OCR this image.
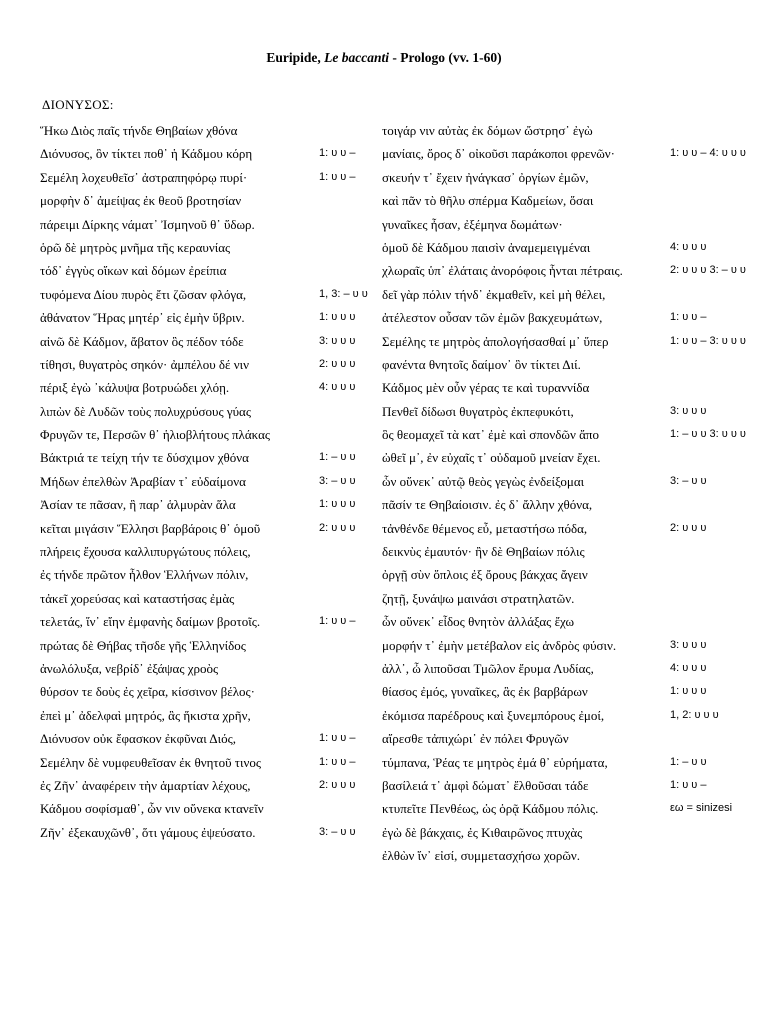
Euripide, Le baccanti - Prologo (vv. 1-60)
ΔΙΟΝΥΣΟΣ:
Ἥκω Διὸς παῖς τήνδε Θηβαίων χθόνα
Διόνυσος, ὃν τίκτει ποθ᾽ ἡ Κάδμου κόρη	1: υ υ –
Σεμέλη λοχευθεῖσ᾽ ἀστραπηφόρῳ πυρί·	1: υ υ –
μορφὴν δ᾽ ἀμείψας ἐκ θεοῦ βροτησίαν
πάρειμι Δίρκης νάματ᾽ Ἰσμηνοῦ θ᾽ ὕδωρ.
ὁρῶ δὲ μητρὸς μνῆμα τῆς κεραυνίας
τόδ᾽ ἐγγὺς οἴκων καὶ δόμων ἐρείπια
τυφόμενα Δίου πυρὸς ἔτι ζῶσαν φλόγα,	1, 3: – υ υ
ἀθάνατον Ἥρας μητέρ᾽ εἰς ἐμὴν ὕβριν.	1: υ υ υ
αἰνῶ δὲ Κάδμον, ἄβατον ὃς πέδον τόδε	3: υ υ υ
τίθησι, θυγατρὸς σηκόν· ἀμπέλου δέ νιν	2: υ υ υ
πέριξ ἐγὼ ᾽κάλυψα βοτρυώδει χλόῃ.	4: υ υ υ
λιπὼν δὲ Λυδῶν τοὺς πολυχρύσους γύας
Φρυγῶν τε, Περσῶν θ᾽ ἡλιοβλήτους πλάκας
Βάκτριά τε τείχη τήν τε δύσχιμον χθόνα	1: – υ υ
Μήδων ἐπελθὼν Ἀραβίαν τ᾽ εὐδαίμονα	3: – υ υ
Ἀσίαν τε πᾶσαν, ἣ παρ᾽ ἁλμυρὰν ἅλα	1: υ υ υ
κεῖται μιγάσιν Ἕλλησι βαρβάροις θ᾽ ὁμοῦ	2: υ υ υ
πλήρεις ἔχουσα καλλιπυργώτους πόλεις,
ἐς τήνδε πρῶτον ἦλθον Ἑλλήνων πόλιν,
τἀκεῖ χορεύσας καὶ καταστήσας ἐμὰς
τελετάς, ἵν᾽ εἴην ἐμφανὴς δαίμων βροτοῖς.	1: υ υ –
πρώτας δὲ Θήβας τῆσδε γῆς Ἑλληνίδος
ἀνωλόλυξα, νεβρίδ᾽ ἐξάψας χροὸς
θύρσον τε δοὺς ἐς χεῖρα, κίσσινον βέλος·
ἐπεὶ μ᾽ ἀδελφαὶ μητρός, ἃς ἥκιστα χρῆν,
Διόνυσον οὐκ ἔφασκον ἐκφῦναι Διός,	1: υ υ –
Σεμέλην δὲ νυμφευθεῖσαν ἐκ θνητοῦ τινος	1: υ υ –
ἐς Ζῆν᾽ ἀναφέρειν τὴν ἁμαρτίαν λέχους,	2: υ υ υ
Κάδμου σοφίσμαθ᾽, ὧν νιν οὕνεκα κτανεῖν
Ζῆν᾽ ἐξεκαυχῶνθ᾽, ὅτι γάμους ἐψεύσατο.	3: – υ υ
τοιγάρ νιν αὐτὰς ἐκ δόμων ὤστρησ᾽ ἐγὼ
μανίαις, ὄρος δ᾽ οἰκοῦσι παράκοποι φρενῶν·	1: υ υ – 4: υ υ υ
σκευήν τ᾽ ἔχειν ἠνάγκασ᾽ ὀργίων ἐμῶν,
καὶ πᾶν τὸ θῆλυ σπέρμα Καδμείων, ὅσαι
γυναῖκες ἦσαν, ἐξέμηνα δωμάτων·
ὁμοῦ δὲ Κάδμου παισὶν ἀναμεμειγμέναι	4: υ υ υ
χλωραῖς ὑπ᾽ ἐλάταις ἀνορόφοις ἧνται πέτραις.	2: υ υ υ 3: – υ υ
δεῖ γὰρ πόλιν τήνδ᾽ ἐκμαθεῖν, κεἰ μὴ θέλει,
ἀτέλεστον οὖσαν τῶν ἐμῶν βακχευμάτων,	1: υ υ –
Σεμέλης τε μητρὸς ἀπολογήσασθαί μ᾽ ὕπερ	1: υ υ – 3: υ υ υ
φανέντα θνητοῖς δαίμον᾽ ὃν τίκτει Διί.
Κάδμος μὲν οὖν γέρας τε καὶ τυραννίδα
Πενθεῖ δίδωσι θυγατρὸς ἐκπεφυκότι,	3: υ υ υ
ὃς θεομαχεῖ τὰ κατ᾽ ἐμὲ καὶ σπονδῶν ἄπο	1: – υ υ 3: υ υ υ
ὠθεῖ μ᾽, ἐν εὐχαῖς τ᾽ οὐδαμοῦ μνείαν ἔχει.
ὧν οὕνεκ᾽ αὐτῷ θεὸς γεγὼς ἐνδείξομαι	3: – υ υ
πᾶσίν τε Θηβαίοισιν. ἐς δ᾽ ἄλλην χθόνα,
τἀνθένδε θέμενος εὖ, μεταστήσω πόδα,	2: υ υ υ
δεικνὺς ἐμαυτόν· ἢν δὲ Θηβαίων πόλις
ὀργῇ σὺν ὅπλοις ἐξ ὄρους βάκχας ἄγειν
ζητῇ, ξυνάψω μαινάσι στρατηλατῶν.
ὧν οὕνεκ᾽ εἶδος θνητὸν ἀλλάξας ἔχω
μορφήν τ᾽ ἐμὴν μετέβαλον εἰς ἀνδρὸς φύσιν.	3: υ υ υ
ἀλλ᾽, ὦ λιποῦσαι Τμῶλον ἔρυμα Λυδίας,	4: υ υ υ
θίασος ἐμός, γυναῖκες, ἃς ἐκ βαρβάρων	1: υ υ υ
ἐκόμισα παρέδρους καὶ ξυνεμπόρους ἐμοί,	1, 2: υ υ υ
αἴρεσθε τἀπιχώρι᾽ ἐν πόλει Φρυγῶν
τύμπανα, Ῥέας τε μητρὸς ἐμά θ᾽ εὑρήματα,	1: – υ υ
βασίλειά τ᾽ ἀμφὶ δώματ᾽ ἔλθοῦσαι τάδε	1: υ υ –
κτυπεῖτε Πενθέως, ὡς ὁρᾷ Κάδμου πόλις.	εω = sinizesi
ἐγὼ δὲ βάκχαις, ἐς Κιθαιρῶνος πτυχὰς
ἐλθὼν ἵν᾽ εἰσί, συμμετασχήσω χορῶν.
